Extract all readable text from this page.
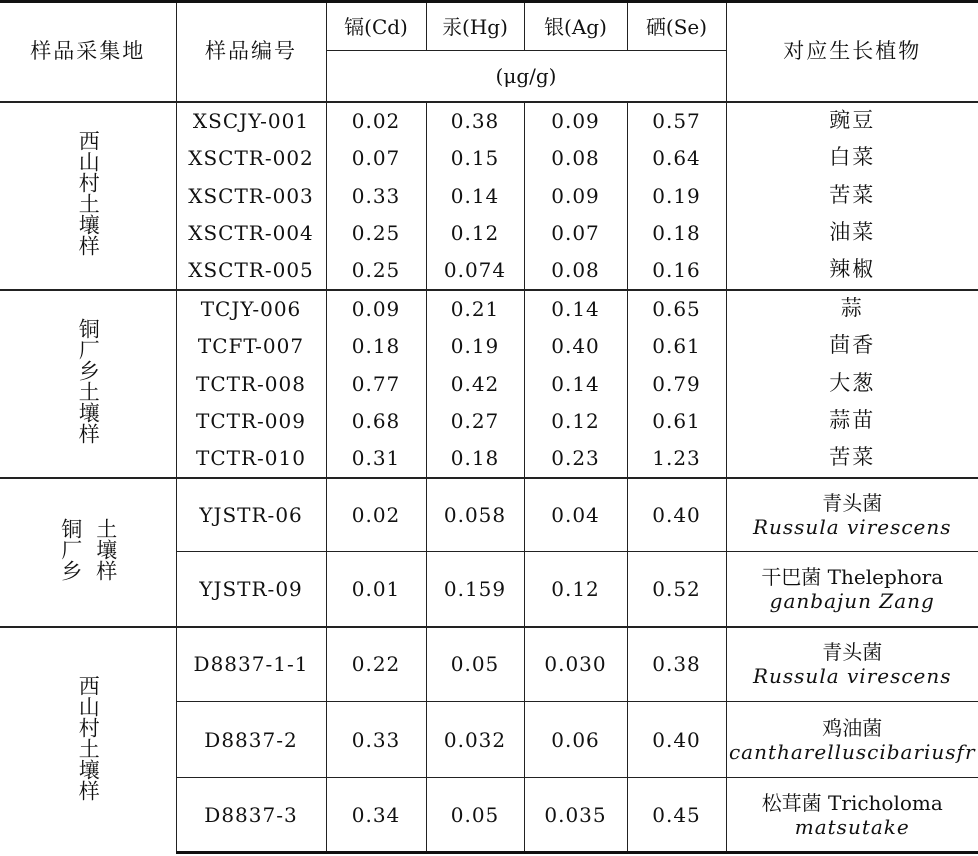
样品采集地	样品编号	镉(Cd)	汞(Hg)	银(Ag)	硒(Se)	对应生长植物
		(μg/g)				
西山村土壤样	XSCJY-001	0.02	0.38	0.09	0.57	豌豆
	XSCTR-002	0.07	0.15	0.08	0.64	白菜
	XSCTR-003	0.33	0.14	0.09	0.19	苦菜
	XSCTR-004	0.25	0.12	0.07	0.18	油菜
	XSCTR-005	0.25	0.074	0.08	0.16	辣椒
铜厂乡土壤样	TCJY-006	0.09	0.21	0.14	0.65	蒜
	TCFT-007	0.18	0.19	0.40	0.61	茴香
	TCTR-008	0.77	0.42	0.14	0.79	大葱
	TCTR-009	0.68	0.27	0.12	0.61	蒜苗
	TCTR-010	0.31	0.18	0.23	1.23	苦菜
铜厂乡 土壤样	YJSTR-06	0.02	0.058	0.04	0.40	青头菌
Russula virescens

	YJSTR-09	0.01	0.159	0.12	0.52	干巴菌 Thelephora
ganbajun Zang

西山村土壤样	D8837-1-1	0.22	0.05	0.030	0.38	青头菌
Russula virescens

	D8837-2	0.33	0.032	0.06	0.40	鸡油菌
cantharelluscibariusfr

	D8837-3	0.34	0.05	0.035	0.45	松茸菌 Tricholoma
matsutake
